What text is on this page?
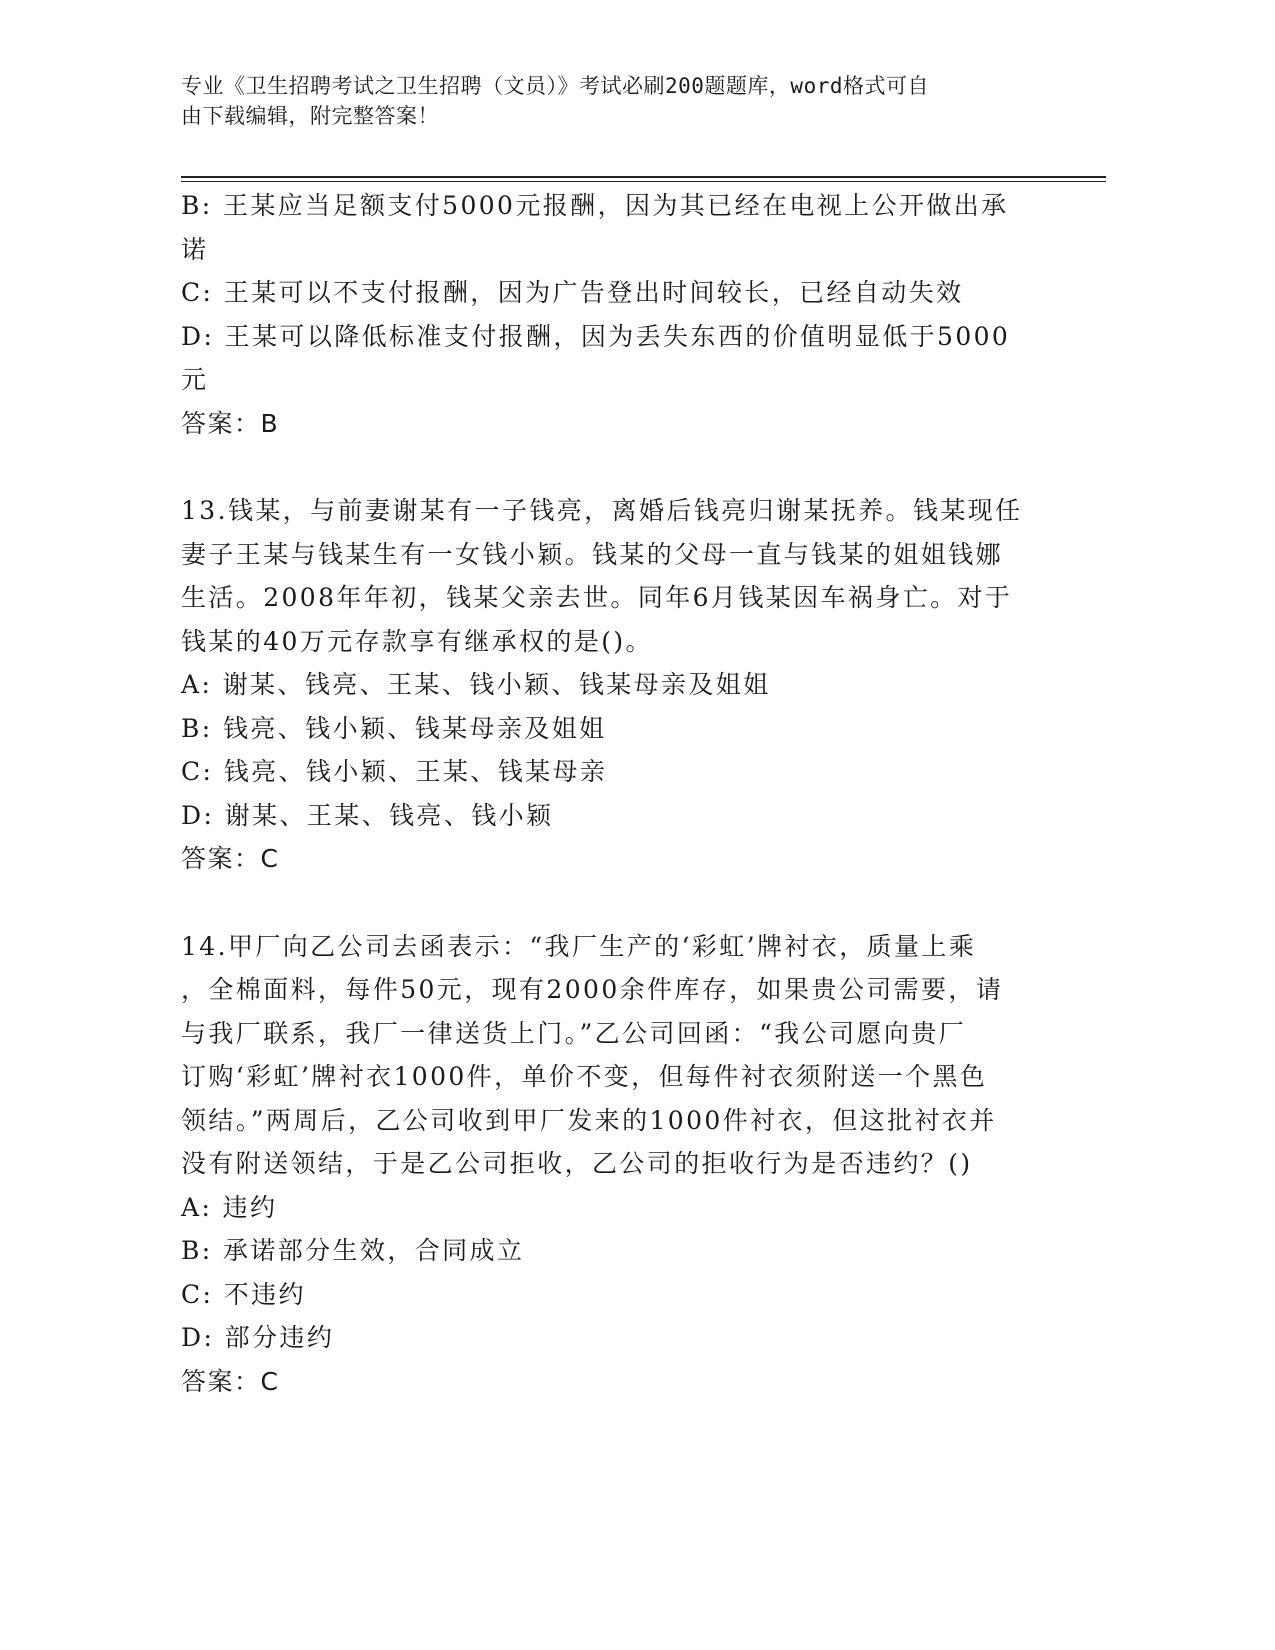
专业《卫生招聘考试之卫生招聘（文员）》考试必刷200题题库，word格式可自
由下载编辑，附完整答案！
B: 王某应当足额支付5000元报酬，因为其已经在电视上公开做出承
诺
C: 王某可以不支付报酬，因为广告登出时间较长，已经自动失效
D: 王某可以降低标准支付报酬，因为丢失东西的价值明显低于5000
元
答案：B
13.钱某，与前妻谢某有一子钱亮，离婚后钱亮归谢某抚养。钱某现任
妻子王某与钱某生有一女钱小颖。钱某的父母一直与钱某的姐姐钱娜
生活。2008年年初，钱某父亲去世。同年6月钱某因车祸身亡。对于
钱某的40万元存款享有继承权的是()。
A: 谢某、钱亮、王某、钱小颖、钱某母亲及姐姐
B: 钱亮、钱小颖、钱某母亲及姐姐
C: 钱亮、钱小颖、王某、钱某母亲
D: 谢某、王某、钱亮、钱小颖
答案：C
14.甲厂向乙公司去函表示：“我厂生产的‘彩虹’牌衬衣，质量上乘
，全棉面料，每件50元，现有2000余件库存，如果贵公司需要，请
与我厂联系，我厂一律送货上门。”乙公司回函：“我公司愿向贵厂
订购‘彩虹’牌衬衣1000件，单价不变，但每件衬衣须附送一个黑色
领结。”两周后，乙公司收到甲厂发来的1000件衬衣，但这批衬衣并
没有附送领结，于是乙公司拒收，乙公司的拒收行为是否违约？()
A: 违约
B: 承诺部分生效，合同成立
C: 不违约
D: 部分违约
答案：C
